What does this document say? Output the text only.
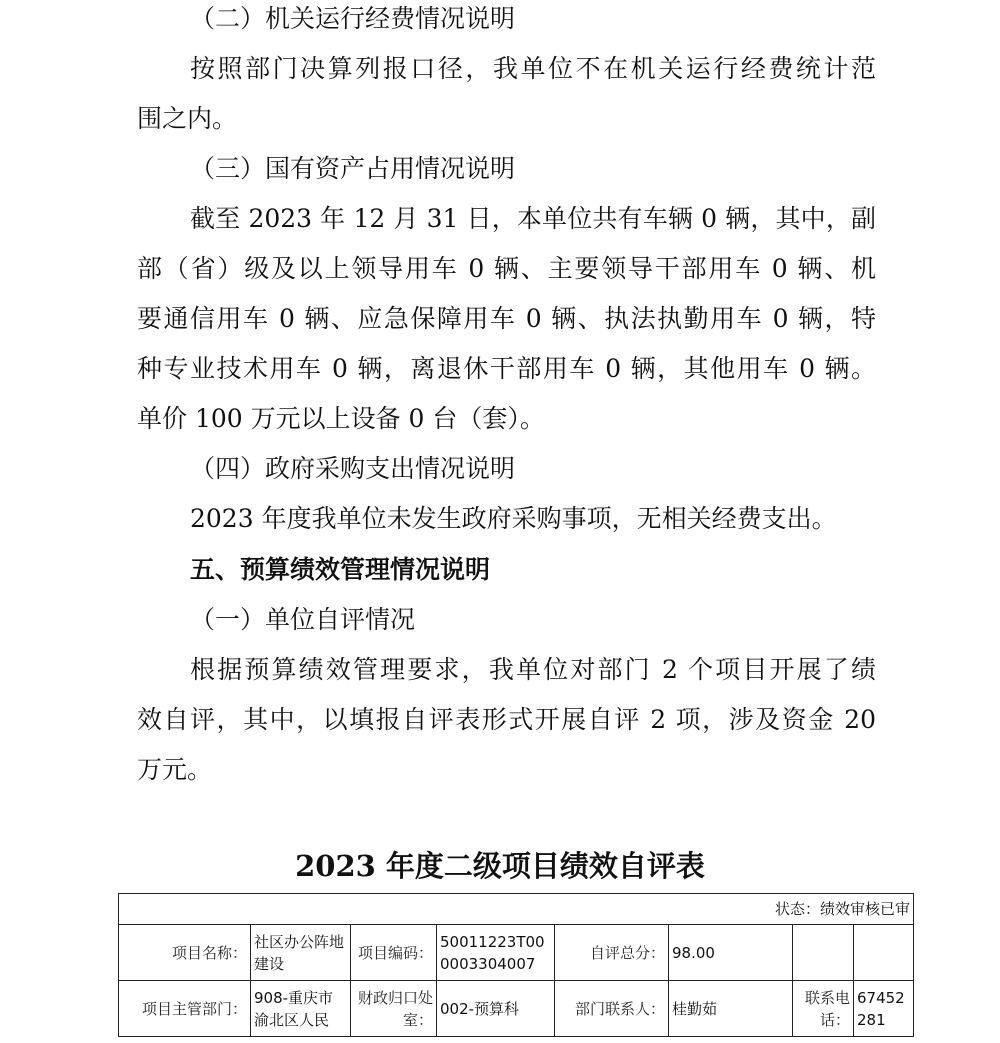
（二）机关运行经费情况说明
按照部门决算列报口径，我单位不在机关运行经费统计范
围之内。
（三）国有资产占用情况说明
截至 2023 年 12 月 31 日，本单位共有车辆 0 辆，其中，副
部（省）级及以上领导用车 0 辆、主要领导干部用车 0 辆、机
要通信用车 0 辆、应急保障用车 0 辆、执法执勤用车 0 辆，特
种专业技术用车 0 辆，离退休干部用车 0 辆，其他用车 0 辆。
单价 100 万元以上设备 0 台（套）。
（四）政府采购支出情况说明
2023 年度我单位未发生政府采购事项，无相关经费支出。
五、预算绩效管理情况说明
（一）单位自评情况
根据预算绩效管理要求，我单位对部门 2 个项目开展了绩
效自评，其中，以填报自评表形式开展自评 2 项，涉及资金 20
万元。
2023 年度二级项目绩效自评表
状态：绩效审核已审							
项目名称：	社区办公阵地建设	项目编码：	50011223T000003304007	自评总分：	98.00		
项目主管部门：	908-重庆市渝北区人民	财政归口处室：	002-预算科	部门联系人：	桂勤茹	联系电话：	67452281
